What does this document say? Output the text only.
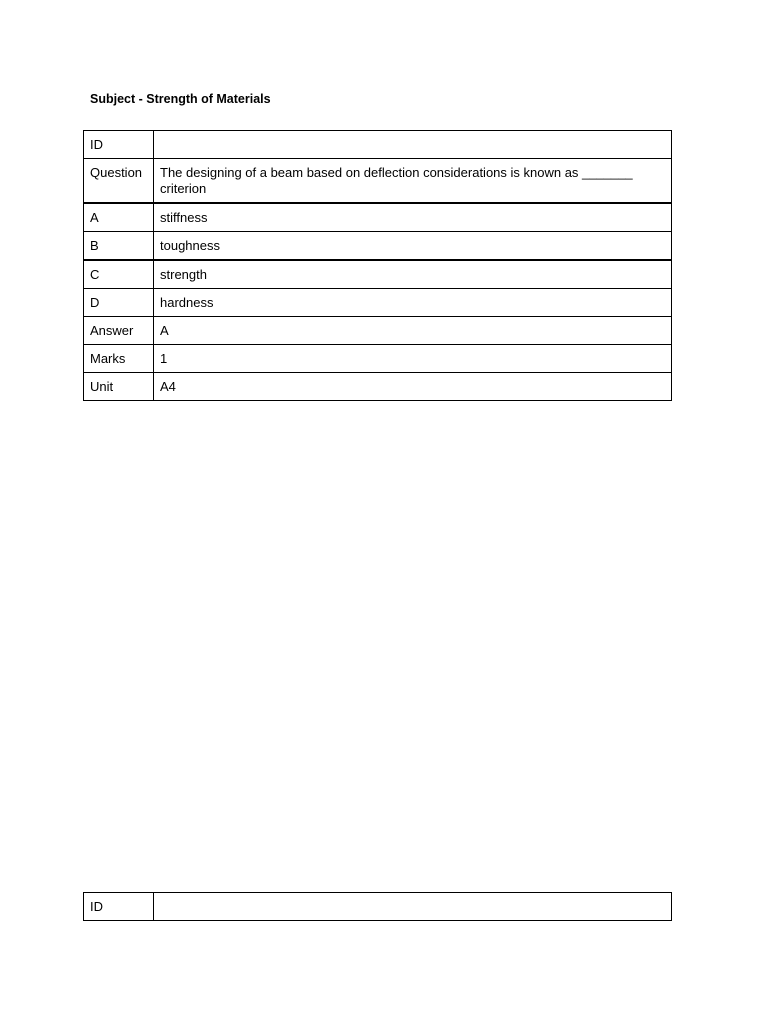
Subject - Strength of Materials

ID	
Question	The designing of a beam based on deflection considerations is known as _______ criterion
A	stiffness
B	toughness
C	strength
D	hardness
Answer	A
Marks	1
Unit	A4
ID	
